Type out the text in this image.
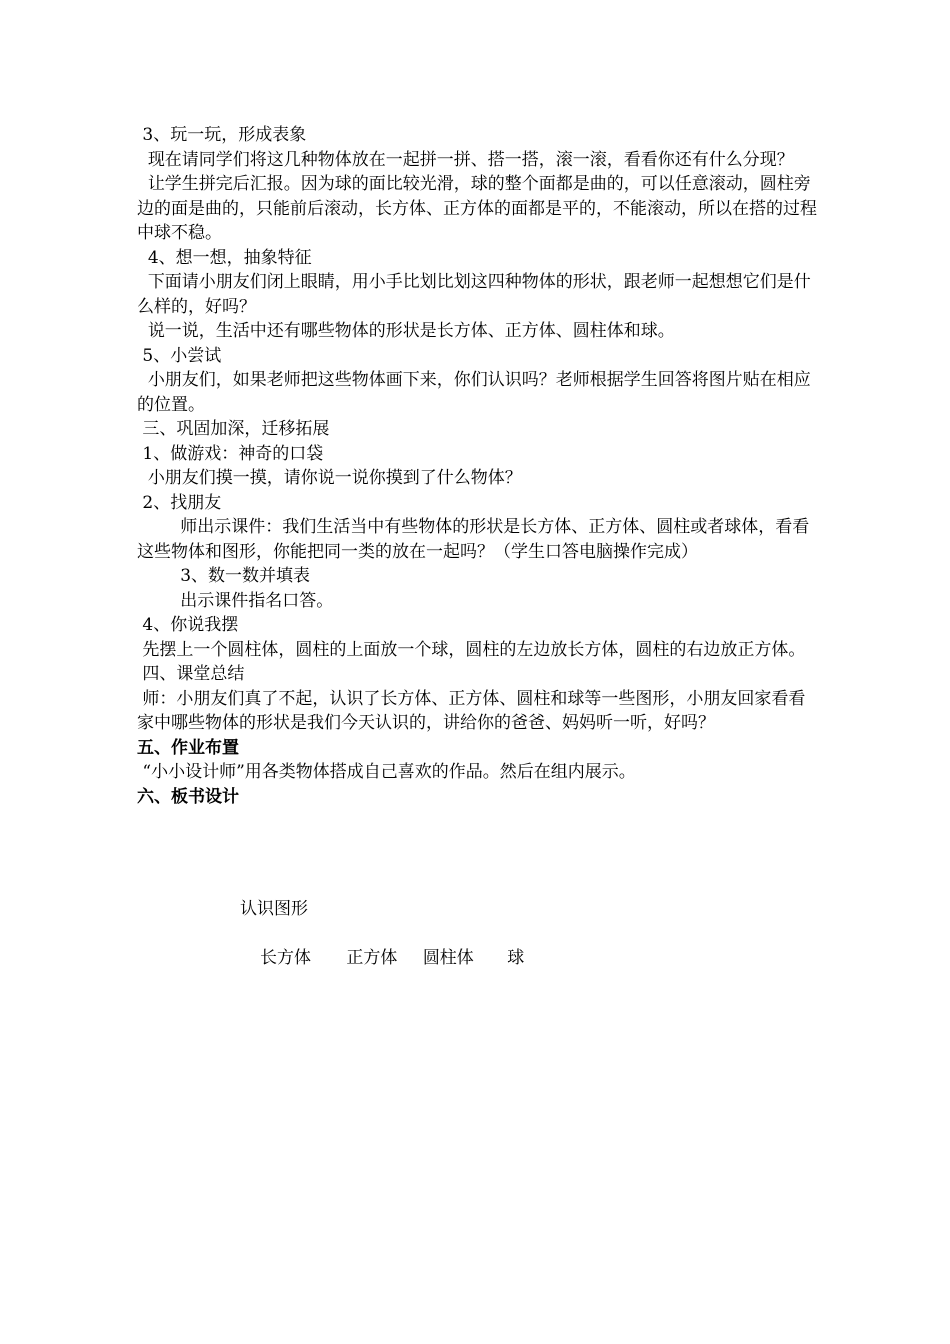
3、玩一玩，形成表象

现在请同学们将这几种物体放在一起拼一拼、搭一搭，滚一滚，看看你还有什么分现？

让学生拼完后汇报。因为球的面比较光滑，球的整个面都是曲的，可以任意滚动，圆柱旁边的面是曲的，只能前后滚动，长方体、正方体的面都是平的，不能滚动，所以在搭的过程中球不稳。

4、想一想，抽象特征

下面请小朋友们闭上眼睛，用小手比划比划这四种物体的形状，跟老师一起想想它们是什么样的，好吗？

说一说，生活中还有哪些物体的形状是长方体、正方体、圆柱体和球。

5、小尝试

小朋友们，如果老师把这些物体画下来，你们认识吗？老师根据学生回答将图片贴在相应的位置。

三、巩固加深，迁移拓展

1、做游戏：神奇的口袋

小朋友们摸一摸，请你说一说你摸到了什么物体？

2、找朋友

师出示课件：我们生活当中有些物体的形状是长方体、正方体、圆柱或者球体，看看这些物体和图形，你能把同一类的放在一起吗？（学生口答电脑操作完成）

3、数一数并填表

出示课件指名口答。

4、你说我摆

先摆上一个圆柱体，圆柱的上面放一个球，圆柱的左边放长方体，圆柱的右边放正方体。

四、课堂总结

师：小朋友们真了不起，认识了长方体、正方体、圆柱和球等一些图形，小朋友回家看看家中哪些物体的形状是我们今天认识的，讲给你的爸爸、妈妈听一听，好吗？

五、作业布置

“小小设计师”用各类物体搭成自己喜欢的作品。然后在组内展示。

六、板书设计

认识图形
长方体 正方体 圆柱体 球
